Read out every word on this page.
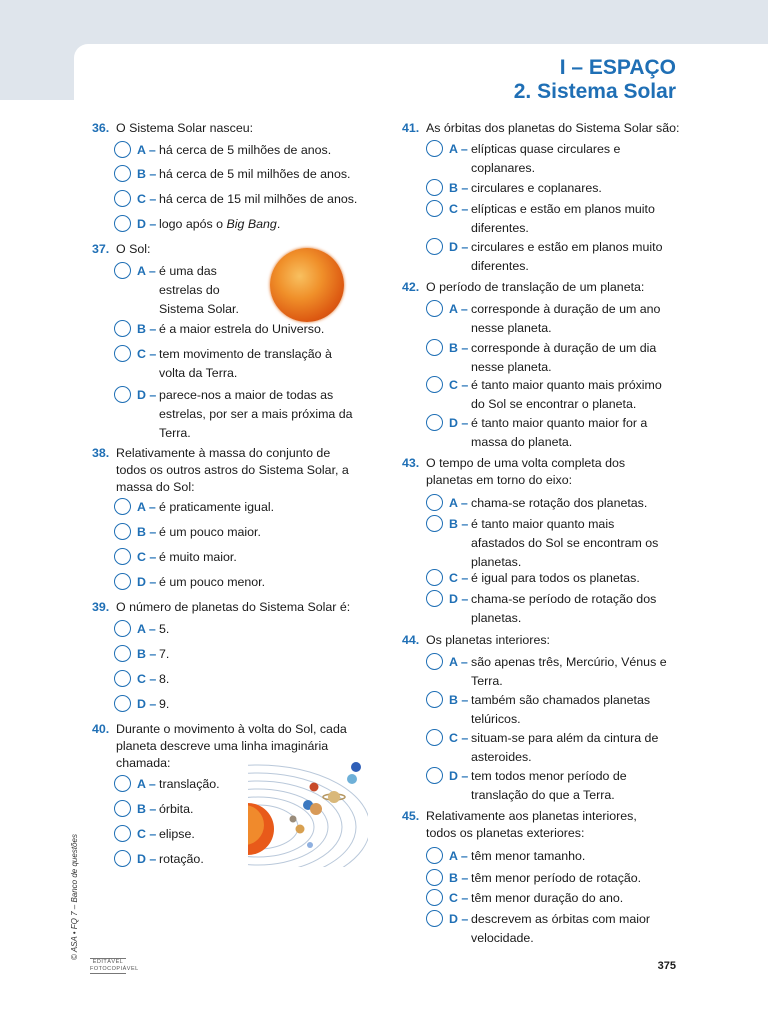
I – ESPAÇO
2. Sistema Solar
36. O Sistema Solar nasceu:
A – há cerca de 5 milhões de anos.
B – há cerca de 5 mil milhões de anos.
C – há cerca de 15 mil milhões de anos.
D – logo após o Big Bang.
37. O Sol:
A – é uma das
estrelas do
Sistema Solar.
B – é a maior estrela do Universo.
C – tem movimento de translação à
volta da Terra.
D – parece-nos a maior de todas as
estrelas, por ser a mais próxima da
Terra.
38. Relativamente à massa do conjunto de
todos os outros astros do Sistema Solar, a
massa do Sol:
A – é praticamente igual.
B – é um pouco maior.
C – é muito maior.
D – é um pouco menor.
39. O número de planetas do Sistema Solar é:
A – 5.
B – 7.
C – 8.
D – 9.
40. Durante o movimento à volta do Sol, cada
planeta descreve uma linha imaginária
chamada:
A – translação.
B – órbita.
C – elipse.
D – rotação.
41. As órbitas dos planetas do Sistema Solar são:
A – elípticas quase circulares e
coplanares.
B – circulares e coplanares.
C – elípticas e estão em planos muito
diferentes.
D – circulares e estão em planos muito
diferentes.
42. O período de translação de um planeta:
A – corresponde à duração de um ano
nesse planeta.
B – corresponde à duração de um dia
nesse planeta.
C – é tanto maior quanto mais próximo
do Sol se encontrar o planeta.
D – é tanto maior quanto maior for a
massa do planeta.
43. O tempo de uma volta completa dos
planetas em torno do eixo:
A – chama-se rotação dos planetas.
B – é tanto maior quanto mais
afastados do Sol se encontram os
planetas.
C – é igual para todos os planetas.
D – chama-se período de rotação dos
planetas.
44. Os planetas interiores:
A – são apenas três, Mercúrio, Vénus e
Terra.
B – também são chamados planetas
telúricos.
C – situam-se para além da cintura de
asteroides.
D – tem todos menor período de
translação do que a Terra.
45. Relativamente aos planetas interiores,
todos os planetas exteriores:
A – têm menor tamanho.
B – têm menor período de rotação.
C – têm menor duração do ano.
D – descrevem as órbitas com maior
velocidade.
© ASA • FQ 7 – Banco de questões
EDITÁVEL
FOTOCOPIÁVEL	375
